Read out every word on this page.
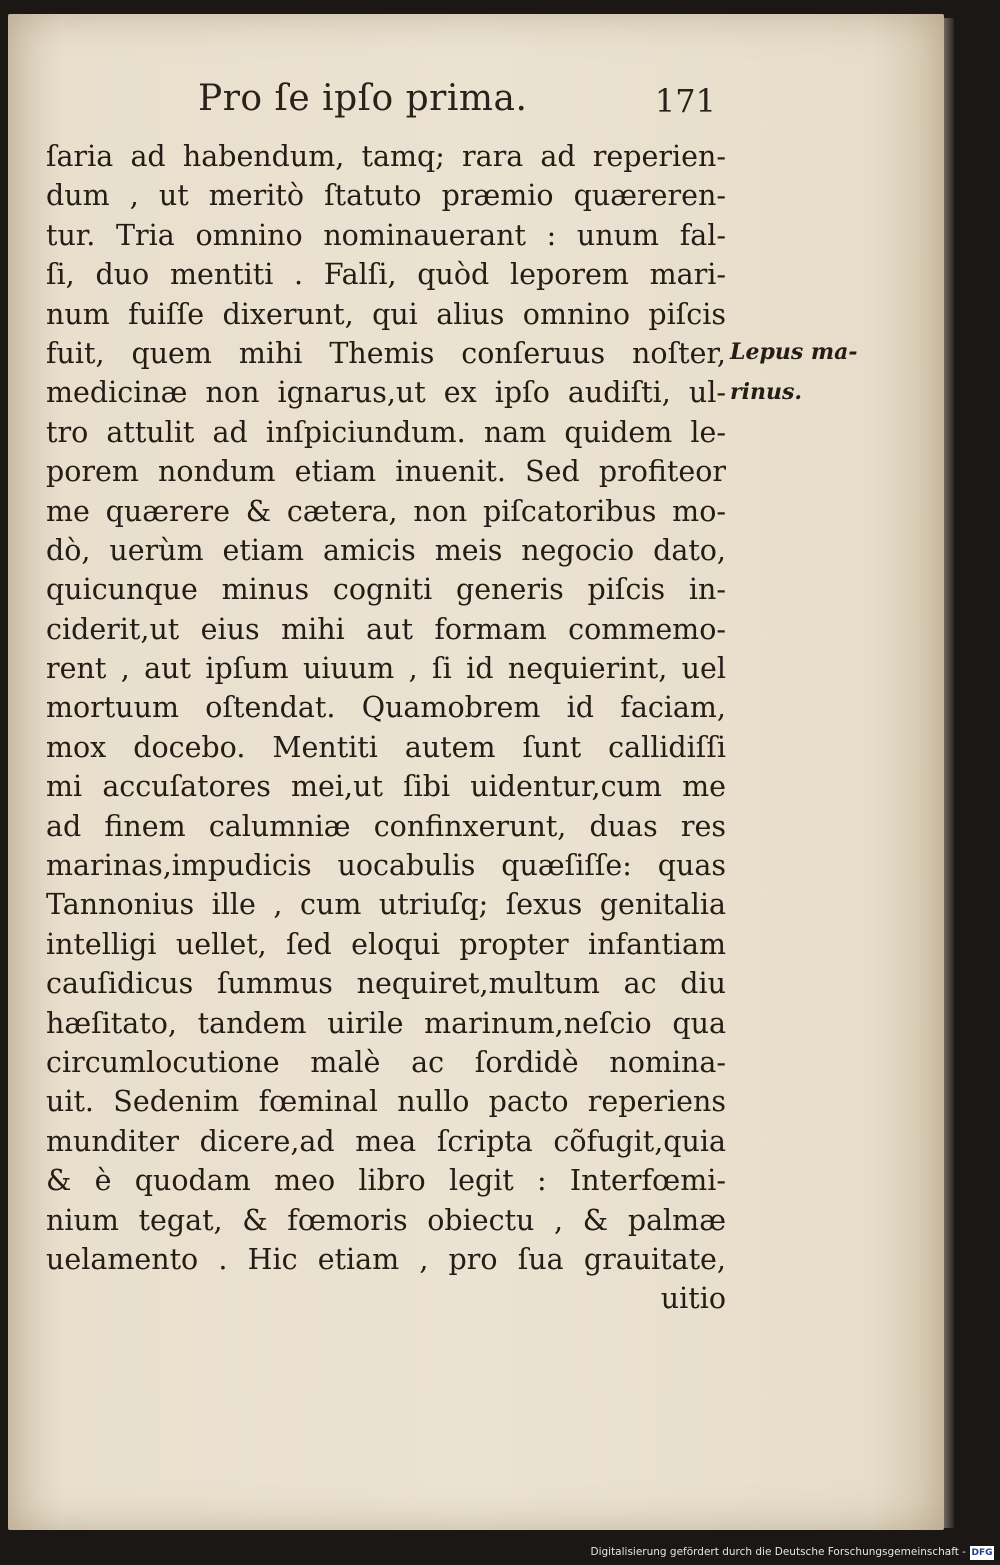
Pro ſe ipſo prima.	171
ſaria ad habendum, tamq; rara ad reperien-
dum , ut meritò ſtatuto præmio quæreren-
tur. Tria omnino nominauerant : unum fal-
ſi, duo mentiti . Falſi, quòd leporem mari-
num fuiſſe dixerunt, qui alius omnino piſcis
fuit, quem mihi Themis conſeruus noſter,
medicinæ non ignarus,ut ex ipſo audiſti, ul-
tro attulit ad inſpiciundum. nam quidem le-
porem nondum etiam inuenit. Sed profiteor
me quærere & cætera, non piſcatoribus mo-
dò, uerùm etiam amicis meis negocio dato,
quicunque minus cogniti generis piſcis in-
ciderit,ut eius mihi aut formam commemo-
rent , aut ipſum uiuum , ſi id nequierint, uel
mortuum oſtendat. Quamobrem id faciam,
mox docebo. Mentiti autem ſunt callidiſſi
mi accuſatores mei,ut ſibi uidentur,cum me
ad finem calumniæ confinxerunt, duas res
marinas,impudicis uocabulis quæſiſſe: quas
Tannonius ille , cum utriuſq; ſexus genitalia
intelligi uellet, ſed eloqui propter infantiam
cauſidicus ſummus nequiret,multum ac diu
hæſitato, tandem uirile marinum,neſcio qua
circumlocutione malè ac ſordidè nomina-
uit. Sedenim fœminal nullo pacto reperiens
munditer dicere,ad mea ſcripta cõfugit,quia
& è quodam meo libro legit : Interfœmi-
nium tegat, & fœmoris obiectu , & palmæ
uelamento . Hic etiam , pro ſua grauitate,
uitio
Lepus ma-
rinus.
Digitalisierung gefördert durch die Deutsche Forschungsgemeinschaft - DFG
